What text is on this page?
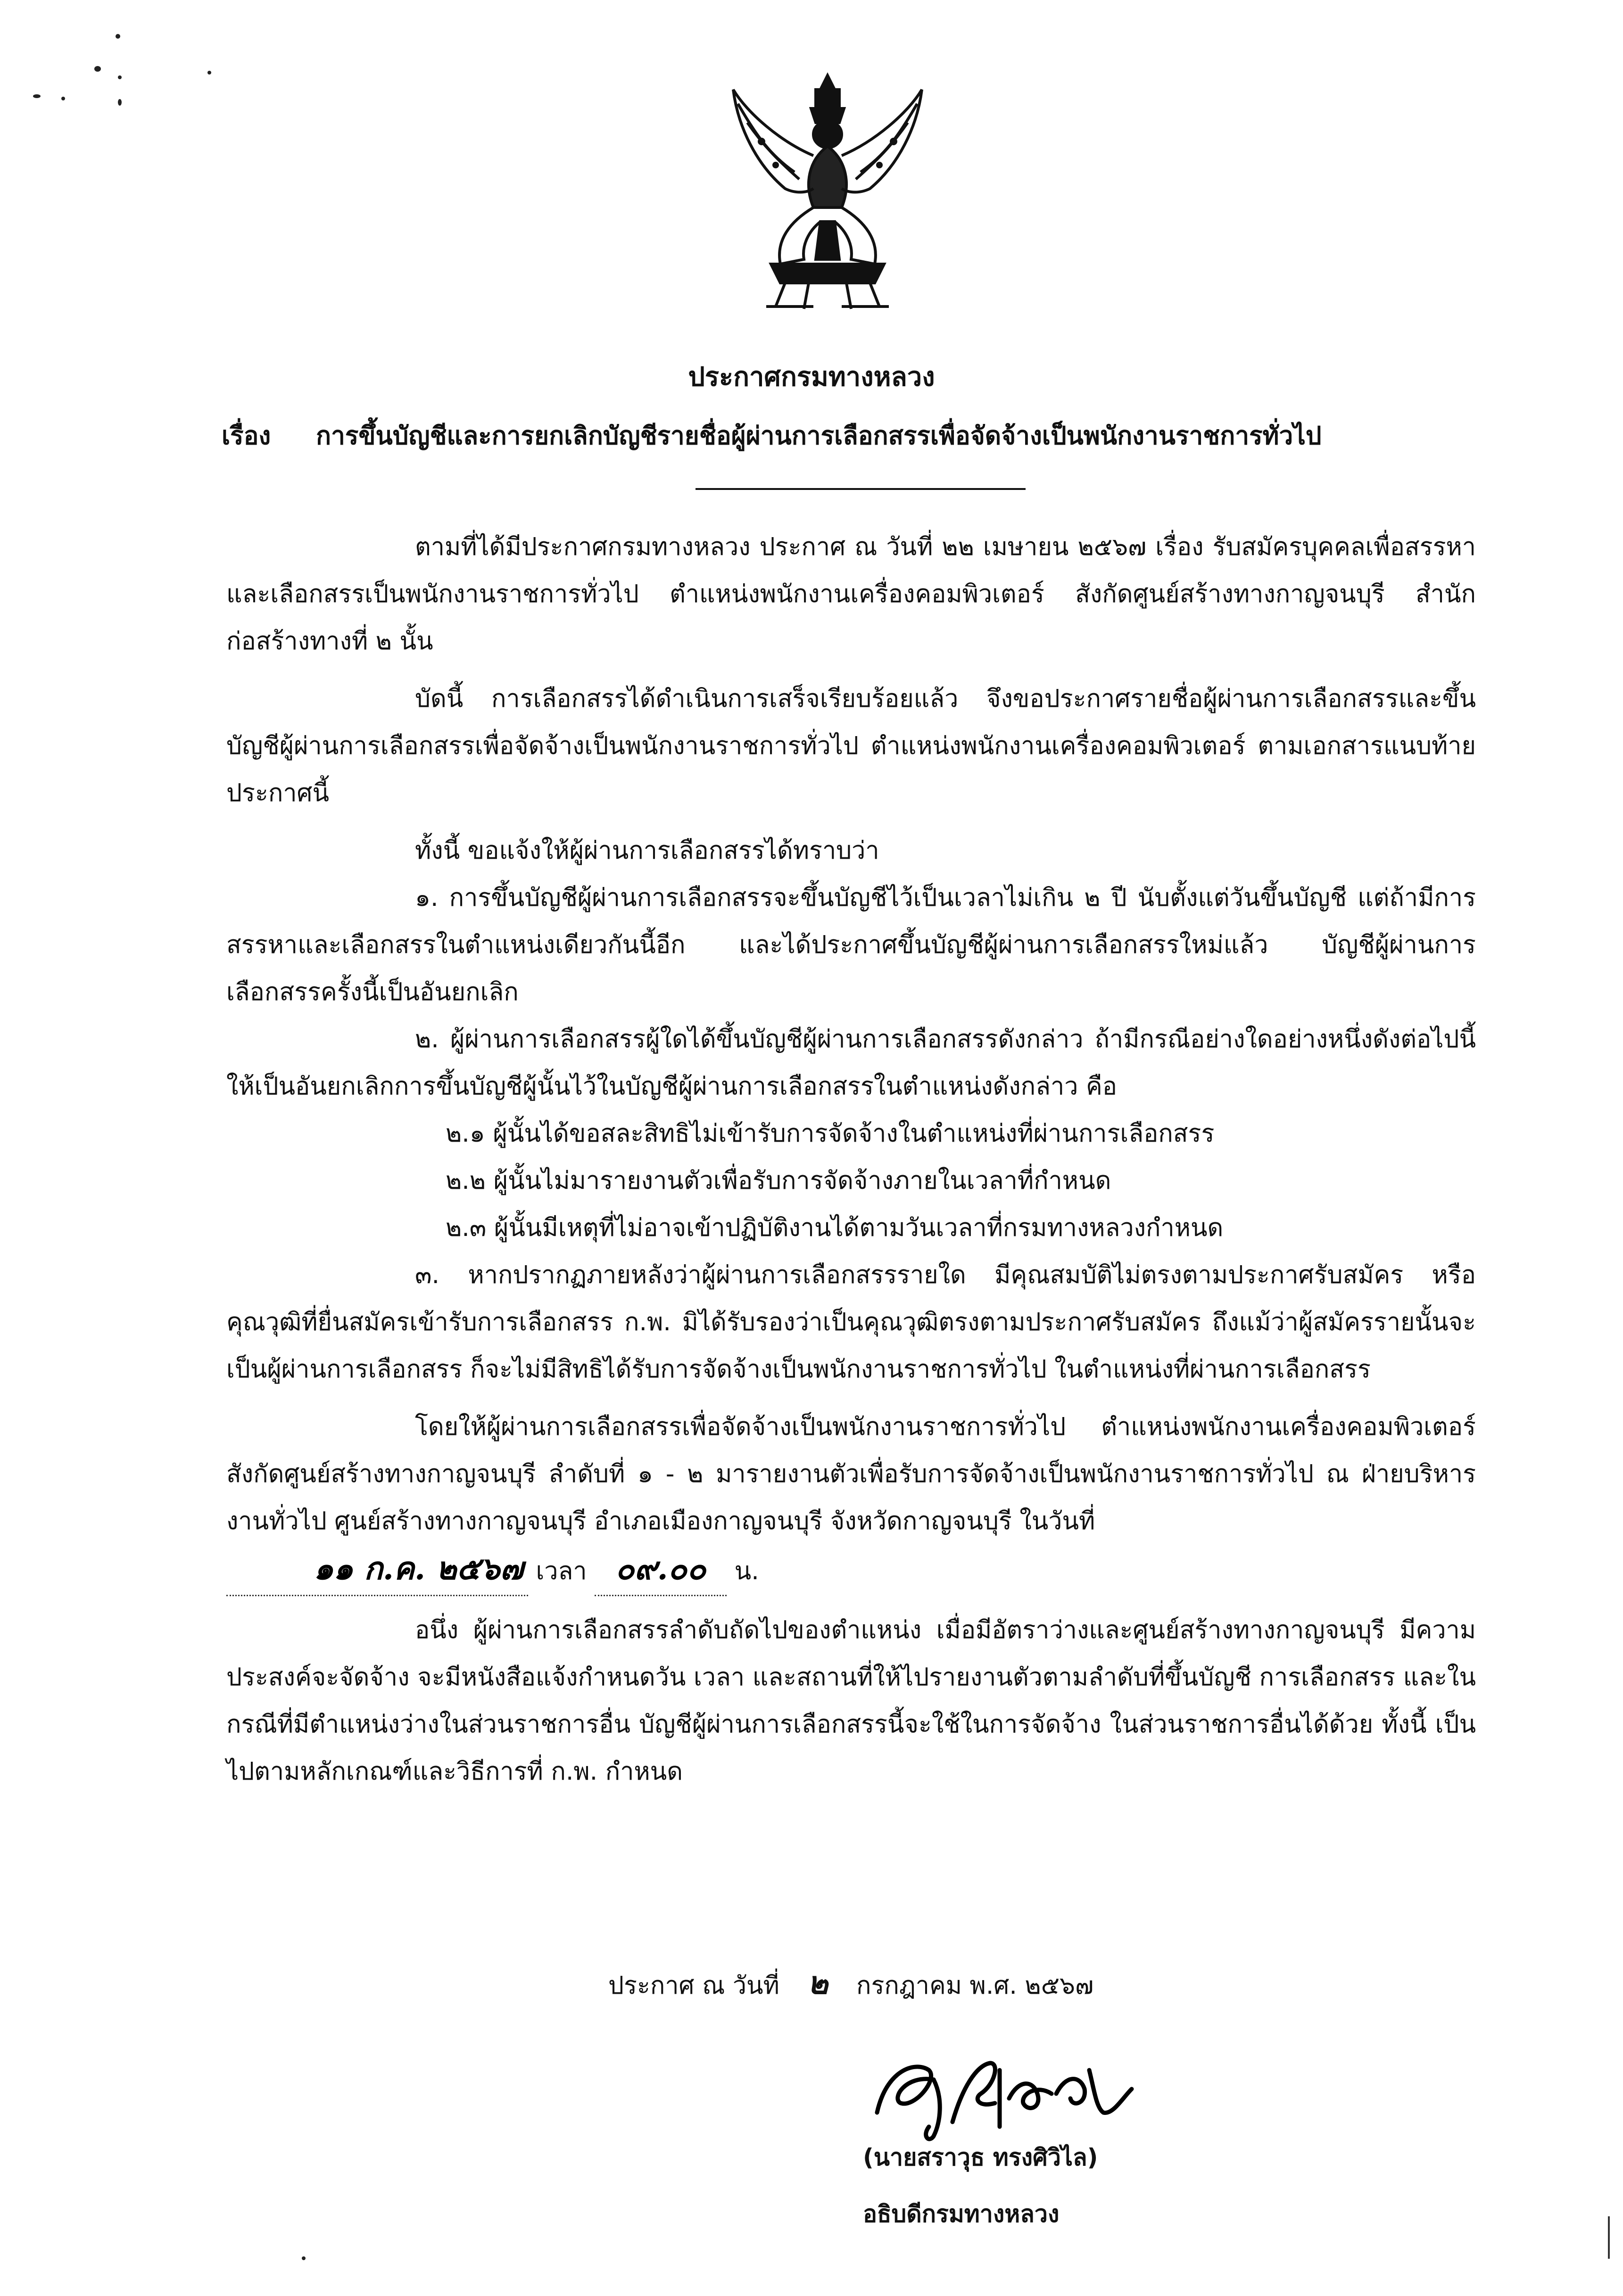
ประกาศกรมทางหลวง
เรื่อง การขึ้นบัญชีและการยกเลิกบัญชีรายชื่อผู้ผ่านการเลือกสรรเพื่อจัดจ้างเป็นพนักงานราชการทั่วไป

ตามที่ได้มีประกาศกรมทางหลวง ประกาศ ณ วันที่ ๒๒ เมษายน ๒๕๖๗ เรื่อง รับสมัครบุคคลเพื่อสรรหาและเลือกสรรเป็นพนักงานราชการทั่วไป ตำแหน่งพนักงานเครื่องคอมพิวเตอร์ สังกัดศูนย์สร้างทางกาญจนบุรี สำนักก่อสร้างทางที่ ๒ นั้น

บัดนี้ การเลือกสรรได้ดำเนินการเสร็จเรียบร้อยแล้ว จึงขอประกาศรายชื่อผู้ผ่านการเลือกสรรและขึ้นบัญชีผู้ผ่านการเลือกสรรเพื่อจัดจ้างเป็นพนักงานราชการทั่วไป ตำแหน่งพนักงานเครื่องคอมพิวเตอร์ ตามเอกสารแนบท้ายประกาศนี้

ทั้งนี้ ขอแจ้งให้ผู้ผ่านการเลือกสรรได้ทราบว่า

๑. การขึ้นบัญชีผู้ผ่านการเลือกสรรจะขึ้นบัญชีไว้เป็นเวลาไม่เกิน ๒ ปี นับตั้งแต่วันขึ้นบัญชี แต่ถ้ามีการสรรหาและเลือกสรรในตำแหน่งเดียวกันนี้อีก และได้ประกาศขึ้นบัญชีผู้ผ่านการเลือกสรรใหม่แล้ว บัญชีผู้ผ่านการเลือกสรรครั้งนี้เป็นอันยกเลิก

๒. ผู้ผ่านการเลือกสรรผู้ใดได้ขึ้นบัญชีผู้ผ่านการเลือกสรรดังกล่าว ถ้ามีกรณีอย่างใดอย่างหนึ่งดังต่อไปนี้ ให้เป็นอันยกเลิกการขึ้นบัญชีผู้นั้นไว้ในบัญชีผู้ผ่านการเลือกสรรในตำแหน่งดังกล่าว คือ

๒.๑ ผู้นั้นได้ขอสละสิทธิไม่เข้ารับการจัดจ้างในตำแหน่งที่ผ่านการเลือกสรร

๒.๒ ผู้นั้นไม่มารายงานตัวเพื่อรับการจัดจ้างภายในเวลาที่กำหนด

๒.๓ ผู้นั้นมีเหตุที่ไม่อาจเข้าปฏิบัติงานได้ตามวันเวลาที่กรมทางหลวงกำหนด

๓. หากปรากฏภายหลังว่าผู้ผ่านการเลือกสรรรายใด มีคุณสมบัติไม่ตรงตามประกาศรับสมัคร หรือคุณวุฒิที่ยื่นสมัครเข้ารับการเลือกสรร ก.พ. มิได้รับรองว่าเป็นคุณวุฒิตรงตามประกาศรับสมัคร ถึงแม้ว่าผู้สมัครรายนั้นจะเป็นผู้ผ่านการเลือกสรร ก็จะไม่มีสิทธิได้รับการจัดจ้างเป็นพนักงานราชการทั่วไป ในตำแหน่งที่ผ่านการเลือกสรร

โดยให้ผู้ผ่านการเลือกสรรเพื่อจัดจ้างเป็นพนักงานราชการทั่วไป ตำแหน่งพนักงานเครื่องคอมพิวเตอร์ สังกัดศูนย์สร้างทางกาญจนบุรี ลำดับที่ ๑ - ๒ มารายงานตัวเพื่อรับการจัดจ้างเป็นพนักงานราชการทั่วไป ณ ฝ่ายบริหารงานทั่วไป ศูนย์สร้างทางกาญจนบุรี อำเภอเมืองกาญจนบุรี จังหวัดกาญจนบุรี ในวันที่

๑๑ ก.ค. ๒๕๖๗ เวลา ๐๙.๐๐ น.

อนึ่ง ผู้ผ่านการเลือกสรรลำดับถัดไปของตำแหน่ง เมื่อมีอัตราว่างและศูนย์สร้างทางกาญจนบุรี มีความประสงค์จะจัดจ้าง จะมีหนังสือแจ้งกำหนดวัน เวลา และสถานที่ให้ไปรายงานตัวตามลำดับที่ขึ้นบัญชี การเลือกสรร และในกรณีที่มีตำแหน่งว่างในส่วนราชการอื่น บัญชีผู้ผ่านการเลือกสรรนี้จะใช้ในการจัดจ้าง ในส่วนราชการอื่นได้ด้วย ทั้งนี้ เป็นไปตามหลักเกณฑ์และวิธีการที่ ก.พ. กำหนด

ประกาศ ณ วันที่ ๒ กรกฎาคม พ.ศ. ๒๕๖๗
(นายสราวุธ ทรงศิวิไล)
อธิบดีกรมทางหลวง
